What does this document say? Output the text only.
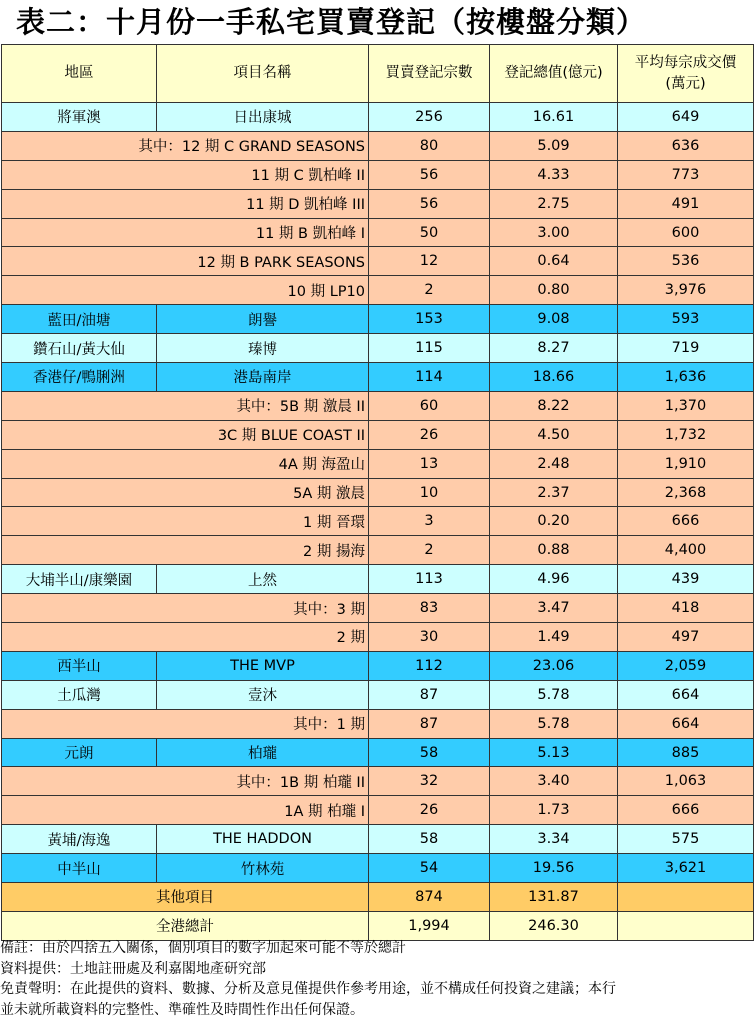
表二：十月份一手私宅買賣登記（按樓盤分類）
地區	項目名稱	買賣登記宗數	登記總值(億元)	平均每宗成交價
(萬元)
將軍澳	日出康城	256	16.61	649
其中：12 期 C GRAND SEASONS		80	5.09	636
11 期 C 凱柏峰 II		56	4.33	773
11 期 D 凱柏峰 III		56	2.75	491
11 期 B 凱柏峰 I		50	3.00	600
12 期 B PARK SEASONS		12	0.64	536
10 期 LP10		2	0.80	3,976
藍田/油塘	朗譽	153	9.08	593
鑽石山/黃大仙	瑧博	115	8.27	719
香港仔/鴨脷洲	港島南岸	114	18.66	1,636
其中：5B 期 激晨 II		60	8.22	1,370
3C 期 BLUE COAST II		26	4.50	1,732
4A 期 海盈山		13	2.48	1,910
5A 期 激晨		10	2.37	2,368
1 期 晉環		3	0.20	666
2 期 揚海		2	0.88	4,400
大埔半山/康樂園	上然	113	4.96	439
其中：3 期		83	3.47	418
2 期		30	1.49	497
西半山	THE MVP	112	23.06	2,059
土瓜灣	壹沐	87	5.78	664
其中：1 期		87	5.78	664
元朗	柏瓏	58	5.13	885
其中：1B 期 柏瓏 II		32	3.40	1,063
1A 期 柏瓏 I		26	1.73	666
黃埔/海逸	THE HADDON	58	3.34	575
中半山	竹林苑	54	19.56	3,621
其他項目		874	131.87	
全港總計		1,994	246.30	
備註：由於四捨五入關係，個別項目的數字加起來可能不等於總計
資料提供：土地註冊處及利嘉閣地產研究部
免責聲明：在此提供的資料、數據、分析及意見僅提供作參考用途，並不構成任何投資之建議；本行
並未就所載資料的完整性、準確性及時間性作出任何保證。
